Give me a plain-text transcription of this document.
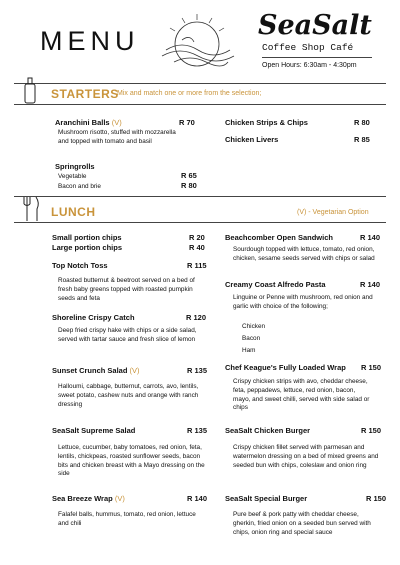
MENU	SeaSalt
Coffee Shop Café
Open Hours: 6:30am - 4:30pm
STARTERS
Mix and match one or more from the selection;
Aranchini Balls (V)	R 70
Mushroom risotto, stuffed with mozzarella and topped with tomato and basil
Springrolls
Vegetable	R 65
Bacon and brie	R 80
Chicken Strips & Chips	R 80
Chicken Livers	R 85
LUNCH	(V) - Vegetarian Option
Small portion chips	R 20
Large portion chips	R 40
Top Notch Toss	R 115
Roasted butternut & beetroot served on a bed of fresh baby greens topped with roasted pumpkin seeds and feta
Shoreline Crispy Catch	R 120
Deep fried crispy hake with chips or a side salad, served with tartar sauce and fresh slice of lemon
Sunset Crunch Salad (V)	R 135
Halloumi, cabbage, butternut, carrots, avo, lentils, sweet potato, cashew nuts and orange with ranch dressing
SeaSalt Supreme Salad	R 135
Lettuce, cucumber, baby tomatoes, red onion, feta, lentils, chickpeas, roasted sunflower seeds, bacon bits and chicken breast with a Mayo dressing on the side
Sea Breeze Wrap (V)	R 140
Falafel balls, hummus, tomato, red onion, lettuce and chili
Beachcomber Open Sandwich	R 140
Sourdough topped with lettuce, tomato, red onion, chicken, sesame seeds served with chips or salad
Creamy Coast Alfredo Pasta	R 140
Linguine or Penne with mushroom, red onion and garlic with choice of the following;
Chicken
Bacon
Ham
Chef Keague's Fully Loaded Wrap R 150
Crispy chicken strips with avo, cheddar cheese, feta, peppadews, lettuce, red onion, bacon, mayo, and sweet chilli, served with side salad or chips
SeaSalt Chicken Burger	R 150
Crispy chicken fillet served with parmesan and watermelon dressing on a bed of mixed greens and seeded bun with chips, coleslaw and onion ring
SeaSalt Special Burger	R 150
Pure beef & pork patty with cheddar cheese, gherkin, fried onion on a seeded bun served with chips, onion ring and special sauce
